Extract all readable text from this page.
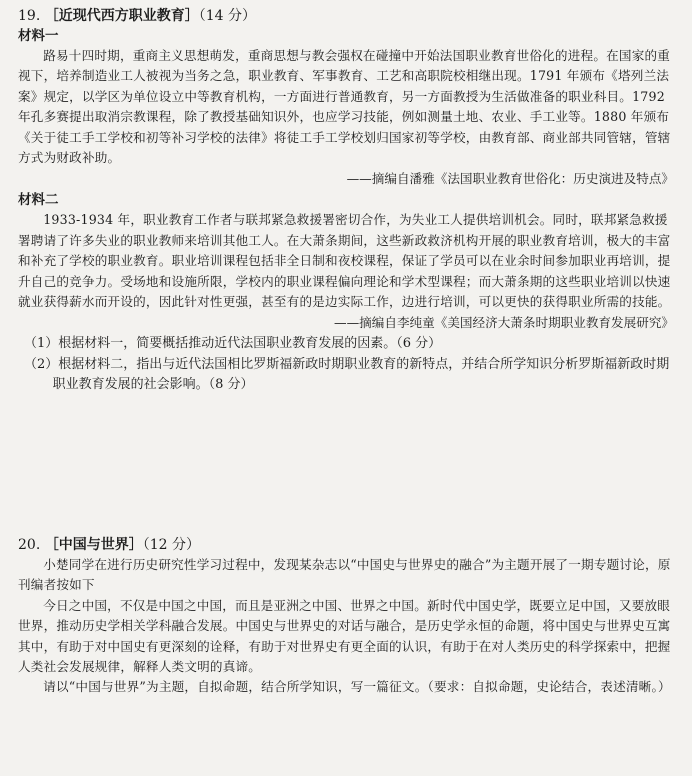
19. ［近现代西方职业教育］（14 分）
材料一

路易十四时期，重商主义思想萌发，重商思想与教会强权在碰撞中开始法国职业教育世俗化的进程。在国家的重视下，培养制造业工人被视为当务之急，职业教育、军事教育、工艺和高职院校相继出现。1791 年颁布《塔列兰法案》规定，以学区为单位设立中等教育机构，一方面进行普通教育，另一方面教授为生活做准备的职业科目。1792 年孔多赛提出取消宗教课程，除了教授基础知识外，也应学习技能，例如测量土地、农业、手工业等。1880 年颁布《关于徒工手工学校和初等补习学校的法律》将徒工手工学校划归国家初等学校，由教育部、商业部共同管辖，管辖方式为财政补助。

——摘编自潘雅《法国职业教育世俗化：历史演进及特点》
材料二

1933-1934 年，职业教育工作者与联邦紧急救援署密切合作，为失业工人提供培训机会。同时，联邦紧急救援署聘请了许多失业的职业教师来培训其他工人。在大萧条期间，这些新政救济机构开展的职业教育培训，极大的丰富和补充了学校的职业教育。职业培训课程包括非全日制和夜校课程，保证了学员可以在业余时间参加职业再培训，提升自己的竞争力。受场地和设施所限，学校内的职业课程偏向理论和学术型课程；而大萧条期的这些职业培训以快速就业获得薪水而开设的，因此针对性更强，甚至有的是边实际工作，边进行培训，可以更快的获得职业所需的技能。

——摘编自李纯童《美国经济大萧条时期职业教育发展研究》
（1）根据材料一，简要概括推动近代法国职业教育发展的因素。（6 分）
（2）根据材料二，指出与近代法国相比罗斯福新政时期职业教育的新特点，并结合所学知识分析罗斯福新政时期职业教育发展的社会影响。（8 分）
20. ［中国与世界］（12 分）

小楚同学在进行历史研究性学习过程中，发现某杂志以“中国史与世界史的融合”为主题开展了一期专题讨论，原刊编者按如下

今日之中国，不仅是中国之中国，而且是亚洲之中国、世界之中国。新时代中国史学，既要立足中国，又要放眼世界，推动历史学相关学科融合发展。中国史与世界史的对话与融合，是历史学永恒的命题，将中国史与世界史互寓其中，有助于对中国史有更深刻的诠释，有助于对世界史有更全面的认识，有助于在对人类历史的科学探索中，把握人类社会发展规律，解释人类文明的真谛。

请以“中国与世界”为主题，自拟命题，结合所学知识，写一篇征文。（要求：自拟命题，史论结合，表述清晰。）
